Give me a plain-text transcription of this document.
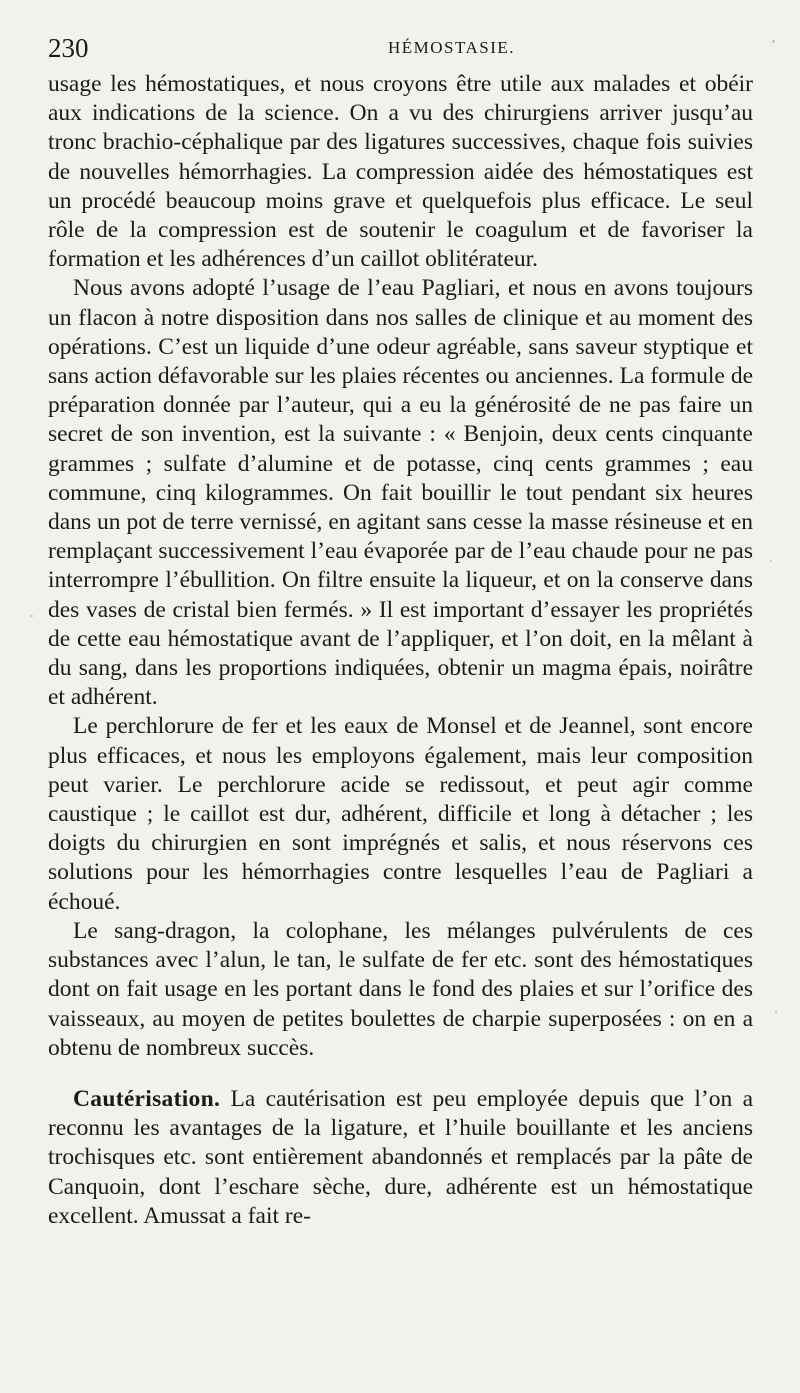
230	HÉMOSTASIE.

usage les hémostatiques, et nous croyons être utile aux malades et obéir aux indications de la science. On a vu des chirurgiens arriver jusqu’au tronc brachio-céphalique par des ligatures successives, chaque fois suivies de nouvelles hémorrhagies. La compression aidée des hémostatiques est un procédé beaucoup moins grave et quelquefois plus efficace. Le seul rôle de la compression est de soutenir le coagulum et de favoriser la formation et les adhérences d’un caillot oblitérateur.

Nous avons adopté l’usage de l’eau Pagliari, et nous en avons toujours un flacon à notre disposition dans nos salles de clinique et au moment des opérations. C’est un liquide d’une odeur agréable, sans saveur styptique et sans action défavorable sur les plaies récentes ou anciennes. La formule de préparation donnée par l’auteur, qui a eu la générosité de ne pas faire un secret de son invention, est la suivante : « Benjoin, deux cents cinquante grammes ; sulfate d’alumine et de potasse, cinq cents grammes ; eau commune, cinq kilogrammes. On fait bouillir le tout pendant six heures dans un pot de terre vernissé, en agitant sans cesse la masse résineuse et en remplaçant successivement l’eau évaporée par de l’eau chaude pour ne pas interrompre l’ébullition. On filtre ensuite la liqueur, et on la conserve dans des vases de cristal bien fermés. » Il est important d’essayer les propriétés de cette eau hémostatique avant de l’appliquer, et l’on doit, en la mêlant à du sang, dans les proportions indiquées, obtenir un magma épais, noirâtre et adhérent.

Le perchlorure de fer et les eaux de Monsel et de Jeannel, sont encore plus efficaces, et nous les employons également, mais leur composition peut varier. Le perchlorure acide se redissout, et peut agir comme caustique ; le caillot est dur, adhérent, difficile et long à détacher ; les doigts du chirurgien en sont imprégnés et salis, et nous réservons ces solutions pour les hémorrhagies contre lesquelles l’eau de Pagliari a échoué.

Le sang-dragon, la colophane, les mélanges pulvérulents de ces substances avec l’alun, le tan, le sulfate de fer etc. sont des hémostatiques dont on fait usage en les portant dans le fond des plaies et sur l’orifice des vaisseaux, au moyen de petites boulettes de charpie superposées : on en a obtenu de nombreux succès.

Cautérisation. La cautérisation est peu employée depuis que l’on a reconnu les avantages de la ligature, et l’huile bouillante et les anciens trochisques etc. sont entièrement abandonnés et remplacés par la pâte de Canquoin, dont l’eschare sèche, dure, adhérente est un hémostatique excellent. Amussat a fait re-
